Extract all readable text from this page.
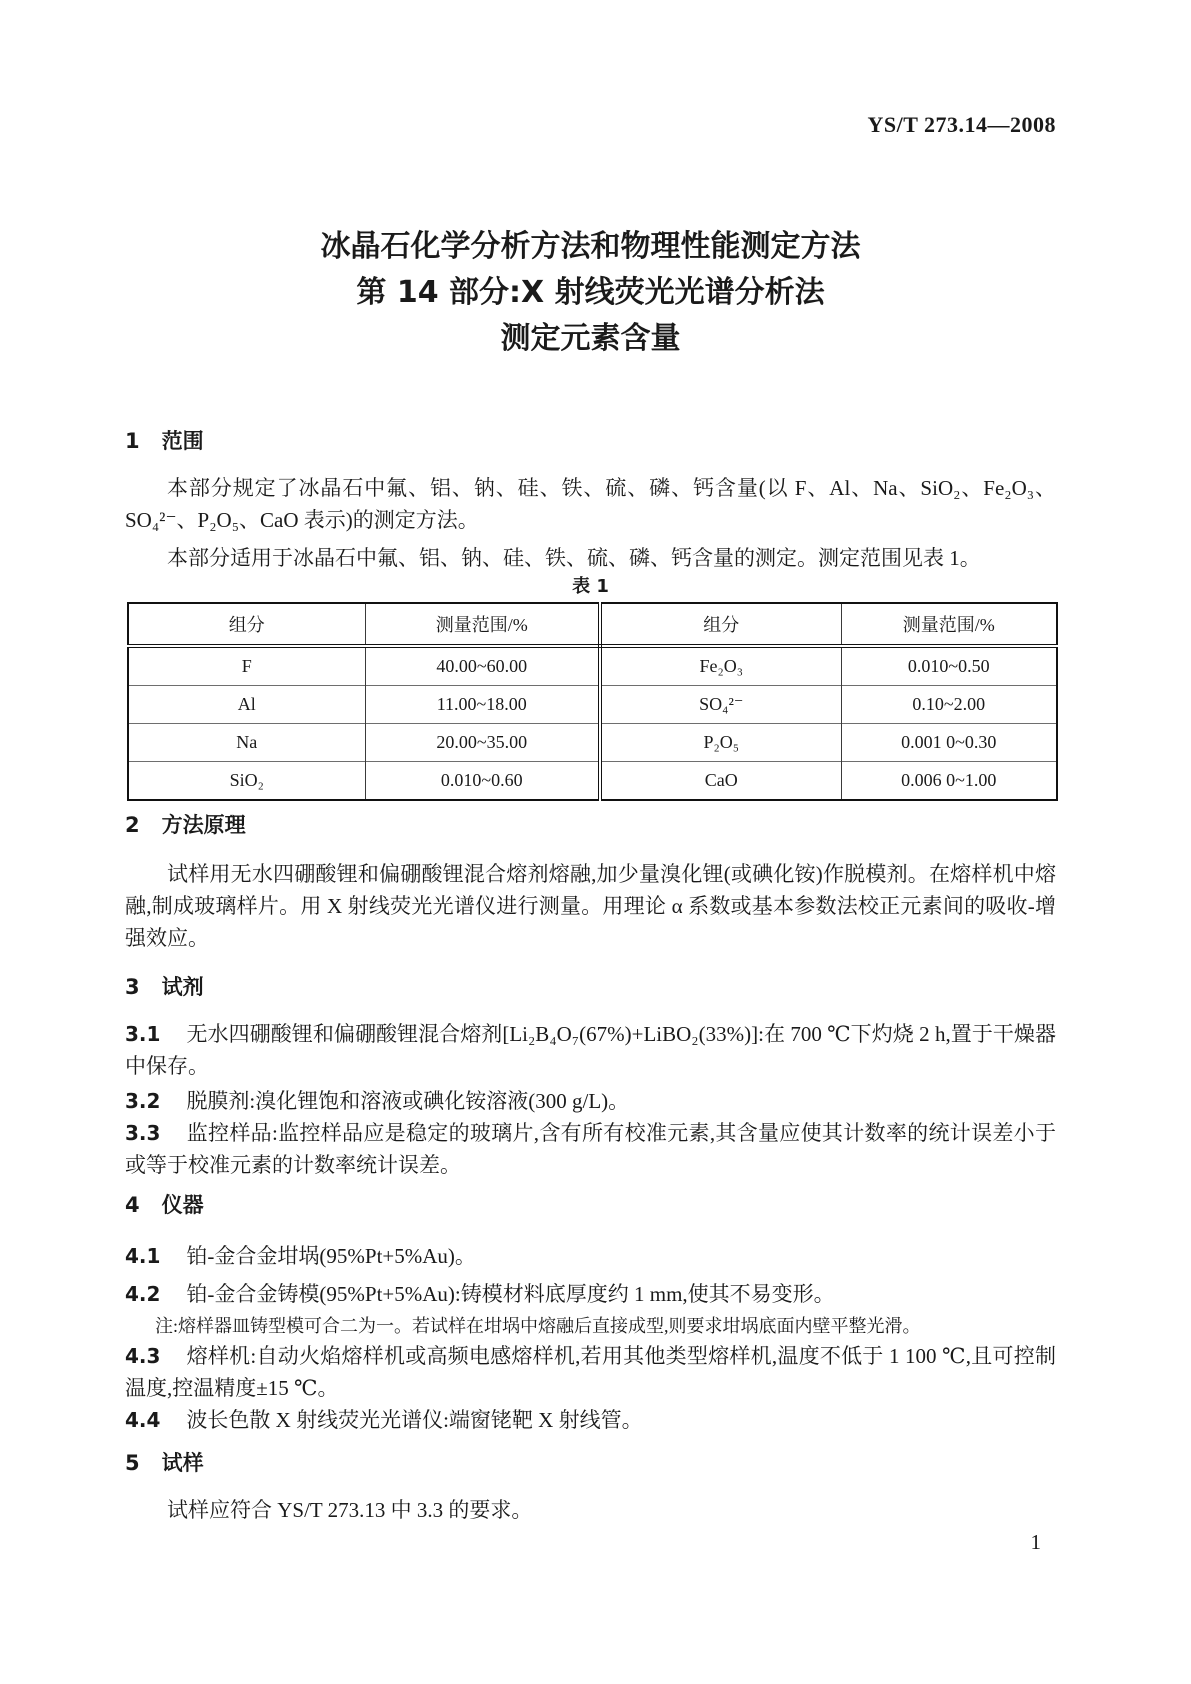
YS/T 273.14—2008
冰晶石化学分析方法和物理性能测定方法
第 14 部分:X 射线荧光光谱分析法
测定元素含量
1 范围
本部分规定了冰晶石中氟、铝、钠、硅、铁、硫、磷、钙含量(以 F、Al、Na、SiO₂、Fe₂O₃、SO₄²⁻、P₂O₅、CaO 表示)的测定方法。
本部分适用于冰晶石中氟、铝、钠、硅、铁、硫、磷、钙含量的测定。测定范围见表 1。
表 1
组分	测量范围/%	组分	测量范围/%
F	40.00~60.00	Fe₂O₃	0.010~0.50
Al	11.00~18.00	SO₄²⁻	0.10~2.00
Na	20.00~35.00	P₂O₅	0.001 0~0.30
SiO₂	0.010~0.60	CaO	0.006 0~1.00
2 方法原理
试样用无水四硼酸锂和偏硼酸锂混合熔剂熔融,加少量溴化锂(或碘化铵)作脱模剂。在熔样机中熔融,制成玻璃样片。用 X 射线荧光光谱仪进行测量。用理论 α 系数或基本参数法校正元素间的吸收-增强效应。
3 试剂
3.1 无水四硼酸锂和偏硼酸锂混合熔剂[Li₂B₄O₇(67%)+LiBO₂(33%)]:在 700 ℃下灼烧 2 h,置于干燥器中保存。
3.2 脱膜剂:溴化锂饱和溶液或碘化铵溶液(300 g/L)。
3.3 监控样品:监控样品应是稳定的玻璃片,含有所有校准元素,其含量应使其计数率的统计误差小于或等于校准元素的计数率统计误差。
4 仪器
4.1 铂-金合金坩埚(95%Pt+5%Au)。
4.2 铂-金合金铸模(95%Pt+5%Au):铸模材料底厚度约 1 mm,使其不易变形。
注:熔样器皿铸型模可合二为一。若试样在坩埚中熔融后直接成型,则要求坩埚底面内壁平整光滑。
4.3 熔样机:自动火焰熔样机或高频电感熔样机,若用其他类型熔样机,温度不低于 1 100 ℃,且可控制温度,控温精度±15 ℃。
4.4 波长色散 X 射线荧光光谱仪:端窗铑靶 X 射线管。
5 试样
试样应符合 YS/T 273.13 中 3.3 的要求。
1
